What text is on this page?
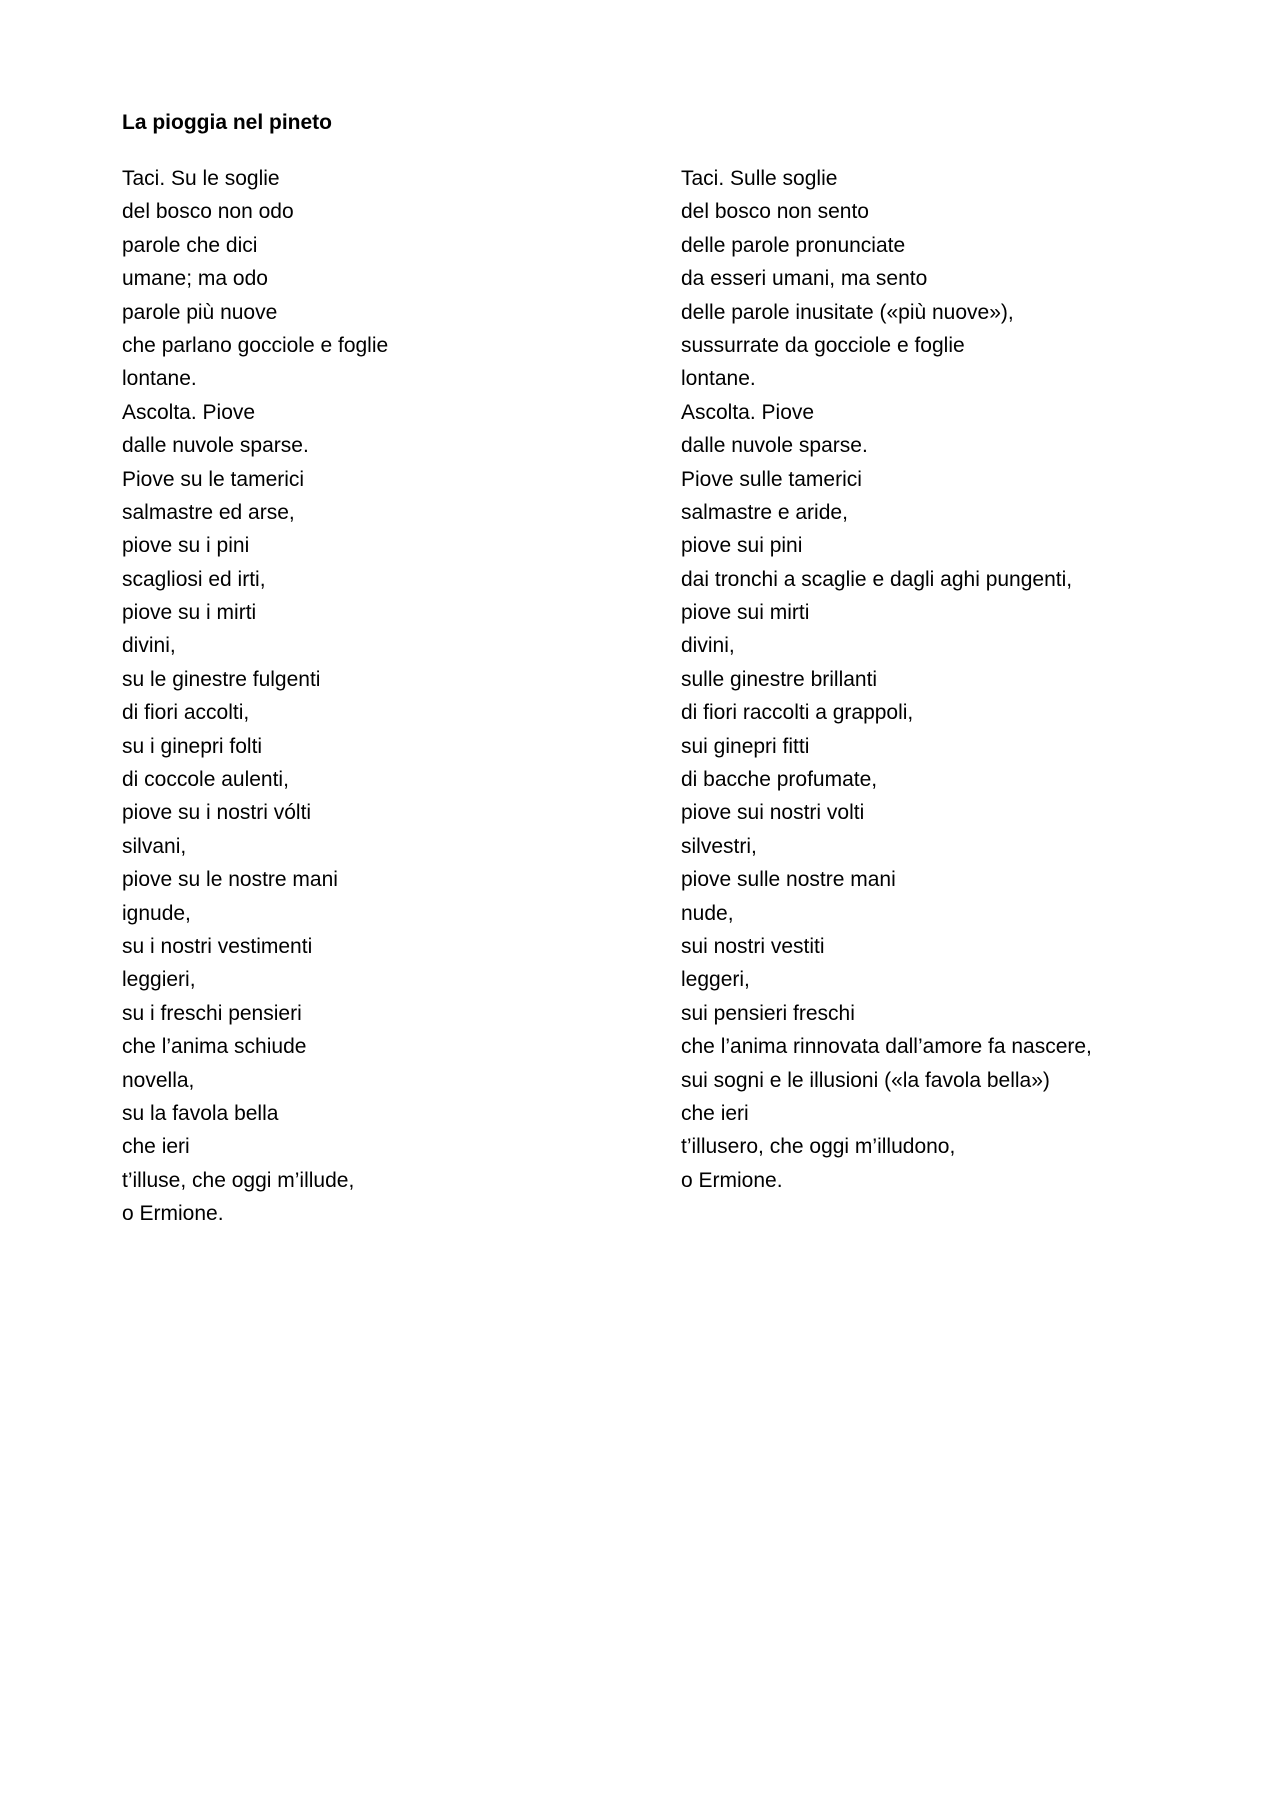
La pioggia nel pineto
Taci. Su le soglie
del bosco non odo
parole che dici
umane; ma odo
parole più nuove
che parlano gocciole e foglie
lontane.
Ascolta. Piove
dalle nuvole sparse.
Piove su le tamerici
salmastre ed arse,
piove su i pini
scagliosi ed irti,
piove su i mirti
divini,
su le ginestre fulgenti
di fiori accolti,
su i ginepri folti
di coccole aulenti,
piove su i nostri vólti
silvani,
piove su le nostre mani
ignude,
su i nostri vestimenti
leggieri,
su i freschi pensieri
che l’anima schiude
novella,
su la favola bella
che ieri
t’illuse, che oggi m’illude,
o Ermione.
Taci. Sulle soglie
del bosco non sento
delle parole pronunciate
da esseri umani, ma sento
delle parole inusitate («più nuove»),
sussurrate da gocciole e foglie
lontane.
Ascolta. Piove
dalle nuvole sparse.
Piove sulle tamerici
salmastre e aride,
piove sui pini
dai tronchi a scaglie e dagli aghi pungenti,
piove sui mirti
divini,
sulle ginestre brillanti
di fiori raccolti a grappoli,
sui ginepri fitti
di bacche profumate,
piove sui nostri volti
silvestri,
piove sulle nostre mani
nude,
sui nostri vestiti
leggeri,
sui pensieri freschi
che l’anima rinnovata dall’amore fa nascere,
sui sogni e le illusioni («la favola bella»)
che ieri
t’illusero, che oggi m’illudono,
o Ermione.
